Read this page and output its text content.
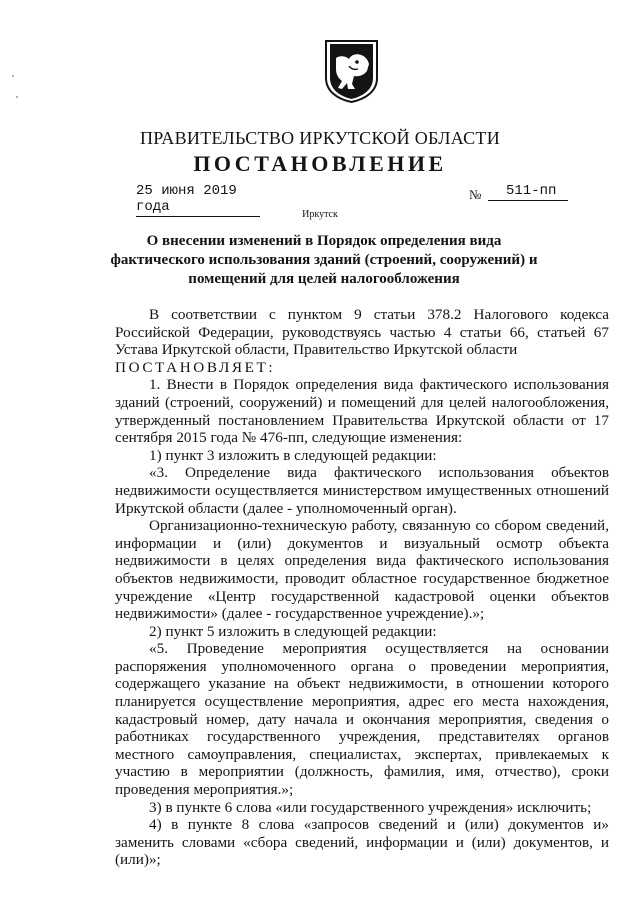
ПРАВИТЕЛЬСТВО ИРКУТСКОЙ ОБЛАСТИ
ПОСТАНОВЛЕНИЕ
25 июня 2019 года
№	511-пп
Иркутск
О внесении изменений в Порядок определения вида фактического использования зданий (строений, сооружений) и помещений для целей налогообложения

В соответствии с пунктом 9 статьи 378.2 Налогового кодекса Российской Федерации, руководствуясь частью 4 статьи 66, статьей 67 Устава Иркутской области, Правительство Иркутской области

ПОСТАНОВЛЯЕТ:

1. Внести в Порядок определения вида фактического использования зданий (строений, сооружений) и помещений для целей налогообложения, утвержденный постановлением Правительства Иркутской области от 17 сентября 2015 года № 476-пп, следующие изменения:

1) пункт 3 изложить в следующей редакции:

«3. Определение вида фактического использования объектов недвижимости осуществляется министерством имущественных отношений Иркутской области (далее - уполномоченный орган).

Организационно-техническую работу, связанную со сбором сведений, информации и (или) документов и визуальный осмотр объекта недвижимости в целях определения вида фактического использования объектов недвижимости, проводит областное государственное бюджетное учреждение «Центр государственной кадастровой оценки объектов недвижимости» (далее - государственное учреждение).»;

2) пункт 5 изложить в следующей редакции:

«5. Проведение мероприятия осуществляется на основании распоряжения уполномоченного органа о проведении мероприятия, содержащего указание на объект недвижимости, в отношении которого планируется осуществление мероприятия, адрес его места нахождения, кадастровый номер, дату начала и окончания мероприятия, сведения о работниках государственного учреждения, представителях органов местного самоуправления, специалистах, экспертах, привлекаемых к участию в мероприятии (должность, фамилия, имя, отчество), сроки проведения мероприятия.»;

3) в пункте 6 слова «или государственного учреждения» исключить;

4) в пункте 8 слова «запросов сведений и (или) документов и» заменить словами «сбора сведений, информации и (или) документов, и (или)»;
